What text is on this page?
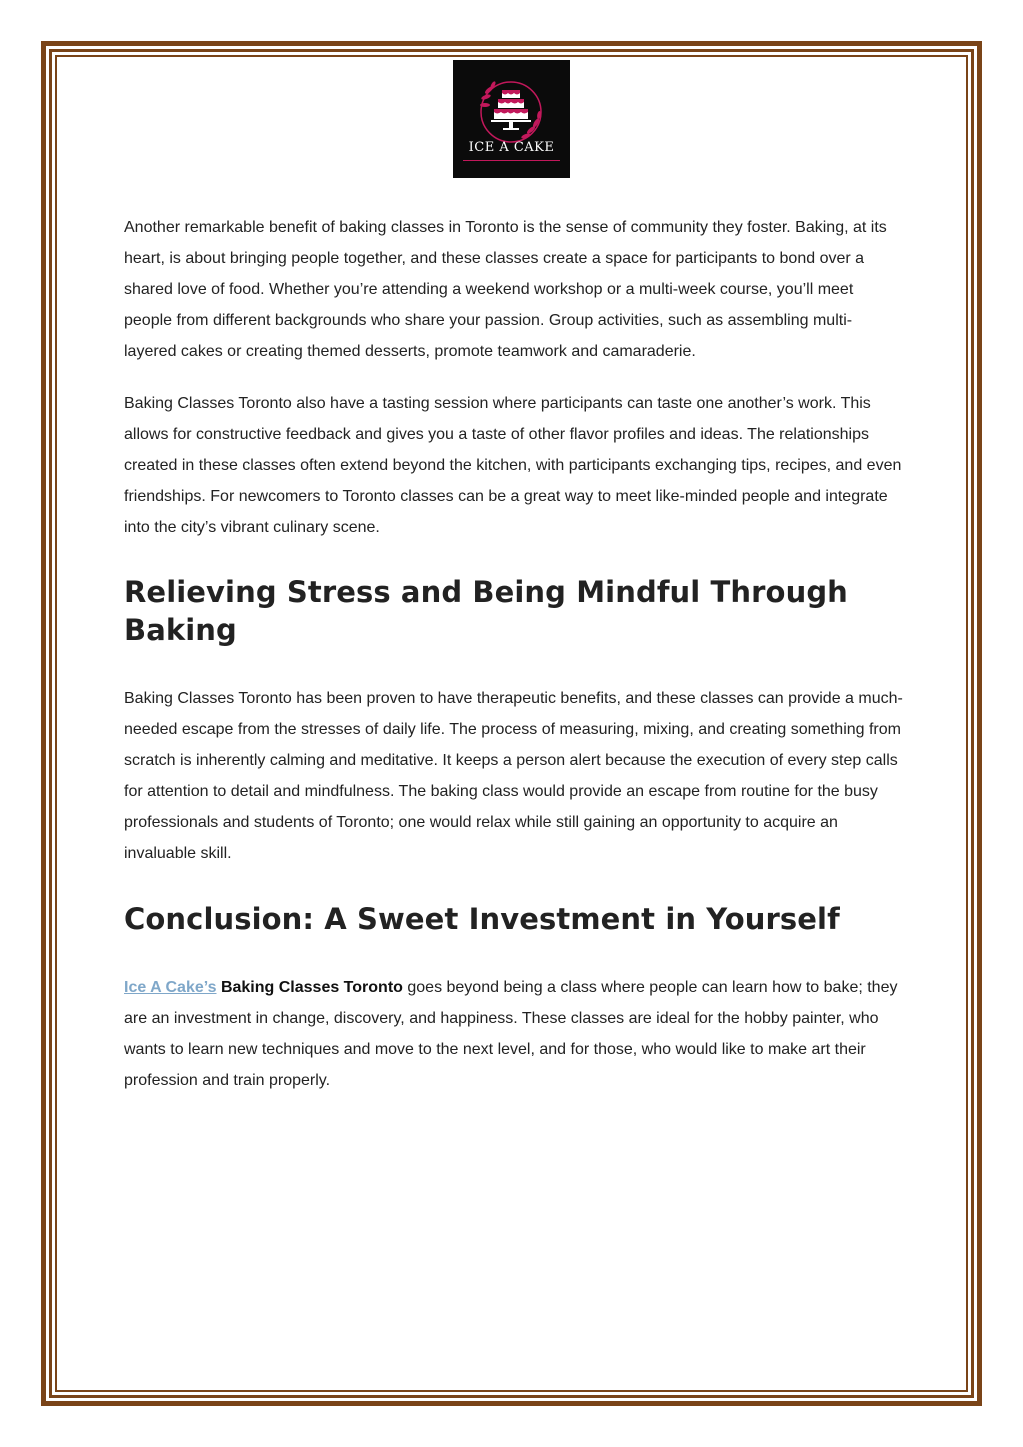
ICE A CAKE

Another remarkable benefit of baking classes in Toronto is the sense of community they foster. Baking, at its heart, is about bringing people together, and these classes create a space for participants to bond over a shared love of food. Whether you’re attending a weekend workshop or a multi-week course, you’ll meet people from different backgrounds who share your passion. Group activities, such as assembling multi-layered cakes or creating themed desserts, promote teamwork and camaraderie.

Baking Classes Toronto also have a tasting session where participants can taste one another’s work. This allows for constructive feedback and gives you a taste of other flavor profiles and ideas. The relationships created in these classes often extend beyond the kitchen, with participants exchanging tips, recipes, and even friendships. For newcomers to Toronto classes can be a great way to meet like-minded people and integrate into the city’s vibrant culinary scene.

Relieving Stress and Being Mindful Through Baking

Baking Classes Toronto has been proven to have therapeutic benefits, and these classes can provide a much-needed escape from the stresses of daily life. The process of measuring, mixing, and creating something from scratch is inherently calming and meditative. It keeps a person alert because the execution of every step calls for attention to detail and mindfulness. The baking class would provide an escape from routine for the busy professionals and students of Toronto; one would relax while still gaining an opportunity to acquire an invaluable skill.

Conclusion: A Sweet Investment in Yourself

Ice A Cake’s Baking Classes Toronto goes beyond being a class where people can learn how to bake; they are an investment in change, discovery, and happiness. These classes are ideal for the hobby painter, who wants to learn new techniques and move to the next level, and for those, who would like to make art their profession and train properly.
